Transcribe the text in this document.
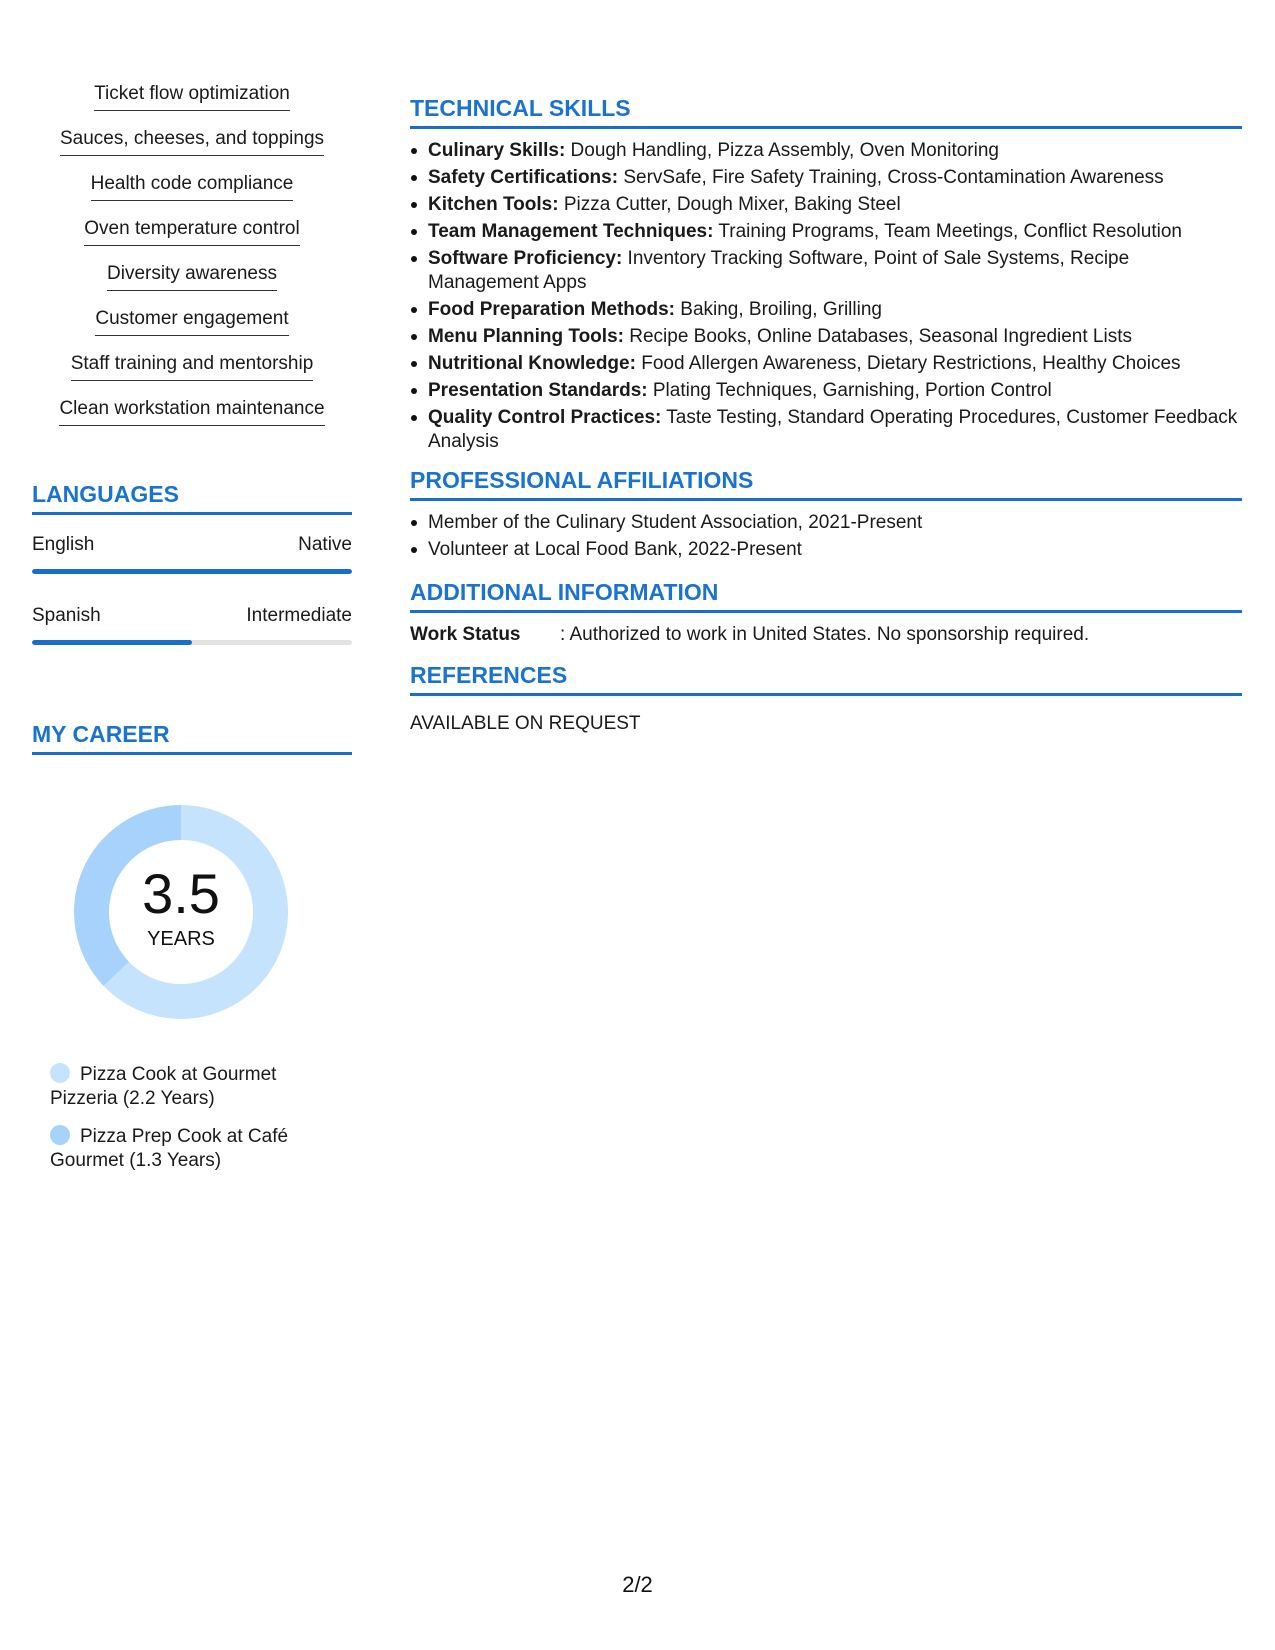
Ticket flow optimization
Sauces, cheeses, and toppings
Health code compliance
Oven temperature control
Diversity awareness
Customer engagement
Staff training and mentorship
Clean workstation maintenance
LANGUAGES
English	Native
Spanish	Intermediate
MY CAREER
3.5
YEARS
Pizza Cook at Gourmet Pizzeria (2.2 Years)
Pizza Prep Cook at Café Gourmet (1.3 Years)
TECHNICAL SKILLS
Culinary Skills: Dough Handling, Pizza Assembly, Oven Monitoring
Safety Certifications: ServSafe, Fire Safety Training, Cross-Contamination Awareness
Kitchen Tools: Pizza Cutter, Dough Mixer, Baking Steel
Team Management Techniques: Training Programs, Team Meetings, Conflict Resolution
Software Proficiency: Inventory Tracking Software, Point of Sale Systems, Recipe Management Apps
Food Preparation Methods: Baking, Broiling, Grilling
Menu Planning Tools: Recipe Books, Online Databases, Seasonal Ingredient Lists
Nutritional Knowledge: Food Allergen Awareness, Dietary Restrictions, Healthy Choices
Presentation Standards: Plating Techniques, Garnishing, Portion Control
Quality Control Practices: Taste Testing, Standard Operating Procedures, Customer Feedback Analysis
PROFESSIONAL AFFILIATIONS
Member of the Culinary Student Association, 2021-Present
Volunteer at Local Food Bank, 2022-Present
ADDITIONAL INFORMATION
Work Status	: Authorized to work in United States. No sponsorship required.
REFERENCES
AVAILABLE ON REQUEST
2/2
